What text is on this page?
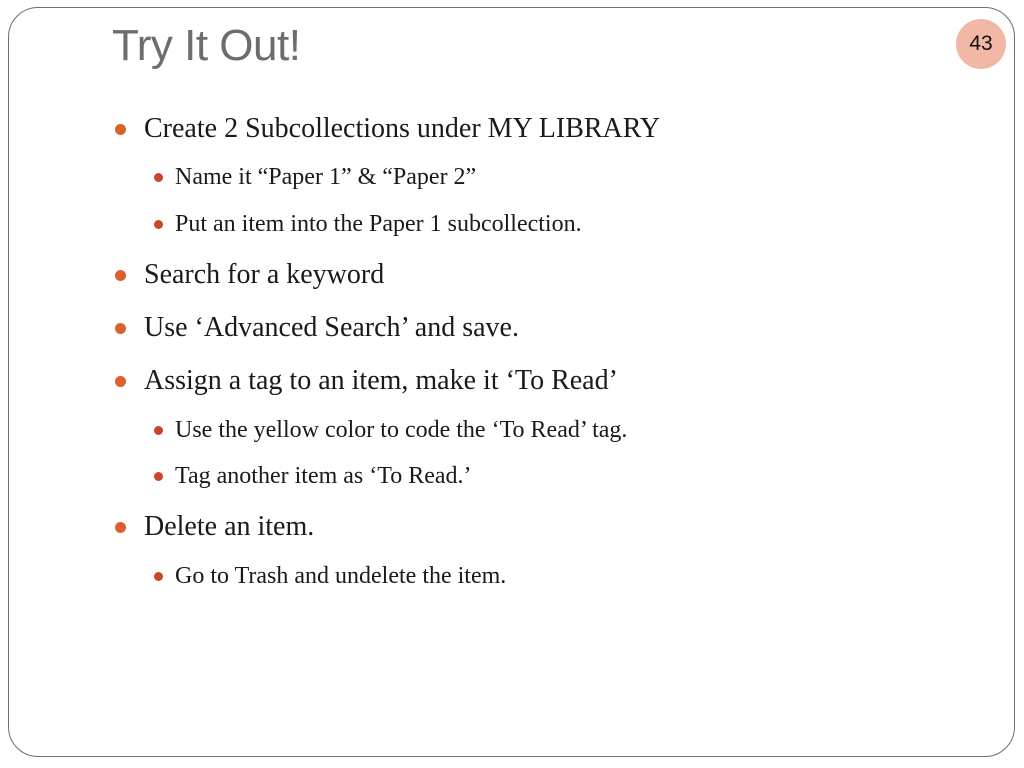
Try It Out!	43
Create 2 Subcollections under MY LIBRARY
Name it “Paper 1” & “Paper 2”
Put an item into the Paper 1 subcollection.
Search for a keyword
Use ‘Advanced Search’ and save.
Assign a tag to an item, make it ‘To Read’
Use the yellow color to code the ‘To Read’ tag.
Tag another item as ‘To Read.’
Delete an item.
Go to Trash and undelete the item.
